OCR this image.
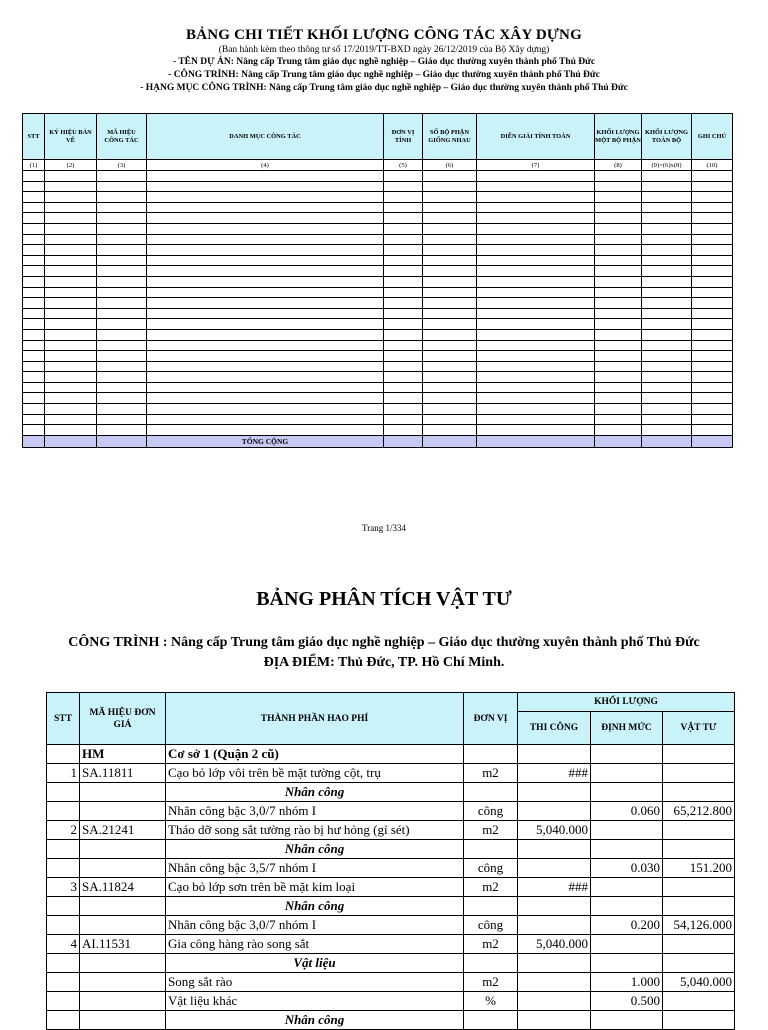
BẢNG CHI TIẾT KHỐI LƯỢNG CÔNG TÁC XÂY DỰNG
(Ban hành kèm theo thông tư số 17/2019/TT-BXD ngày 26/12/2019 của Bộ Xây dựng)
- TÊN DỰ ÁN: Nâng cấp Trung tâm giáo dục nghề nghiệp – Giáo dục thường xuyên thành phố Thủ Đức
- CÔNG TRÌNH: Nâng cấp Trung tâm giáo dục nghề nghiệp – Giáo dục thường xuyên thành phố Thủ Đức
- HẠNG MỤC CÔNG TRÌNH: Nâng cấp Trung tâm giáo dục nghề nghiệp – Giáo dục thường xuyên thành phố Thủ Đức
STT	KÝ HIỆU BẢN VẼ	MÃ HIỆU CÔNG TÁC	DANH MỤC CÔNG TÁC	ĐƠN VỊ TÍNH	SỐ BỘ PHẬN GIỐNG NHAU	DIỄN GIẢI TÍNH TOÁN	KHỐI LƯỢNG MỘT BỘ PHẬN	KHỐI LƯỢNG TOÀN BỘ	GHI CHÚ
(1)	(2)	(3)	(4)	(5)	(6)	(7)	(8)	(9)=(6)x(8)	(10)

			TỔNG CỘNG						
Trang 1/334
BẢNG PHÂN TÍCH VẬT TƯ
CÔNG TRÌNH : Nâng cấp Trung tâm giáo dục nghề nghiệp – Giáo dục thường xuyên thành phố Thủ Đức
ĐỊA ĐIỂM: Thủ Đức, TP. Hồ Chí Minh.
STT	MÃ HIỆU ĐƠN GIÁ	THÀNH PHẦN HAO PHÍ	ĐƠN VỊ	KHỐI LƯỢNG		
				THI CÔNG	ĐỊNH MỨC	VẬT TƯ
	HM	Cơ sở 1 (Quận 2 cũ)				
1	SA.11811	Cạo bỏ lớp vôi trên bề mặt tường cột, trụ	m2	###		
		Nhân công				
		Nhân công bậc 3,0/7 nhóm I	công		0.060	65,212.800
2	SA.21241	Tháo dỡ song sắt tường rào bị hư hỏng (gỉ sét)	m2	5,040.000		
		Nhân công				
		Nhân công bậc 3,5/7 nhóm I	công		0.030	151.200
3	SA.11824	Cạo bỏ lớp sơn trên bề mặt kim loại	m2	###		
		Nhân công				
		Nhân công bậc 3,0/7 nhóm I	công		0.200	54,126.000
4	AI.11531	Gia công hàng rào song sắt	m2	5,040.000		
		Vật liệu				
		Song sắt rào	m2		1.000	5,040.000
		Vật liệu khác	%		0.500	
		Nhân công				
